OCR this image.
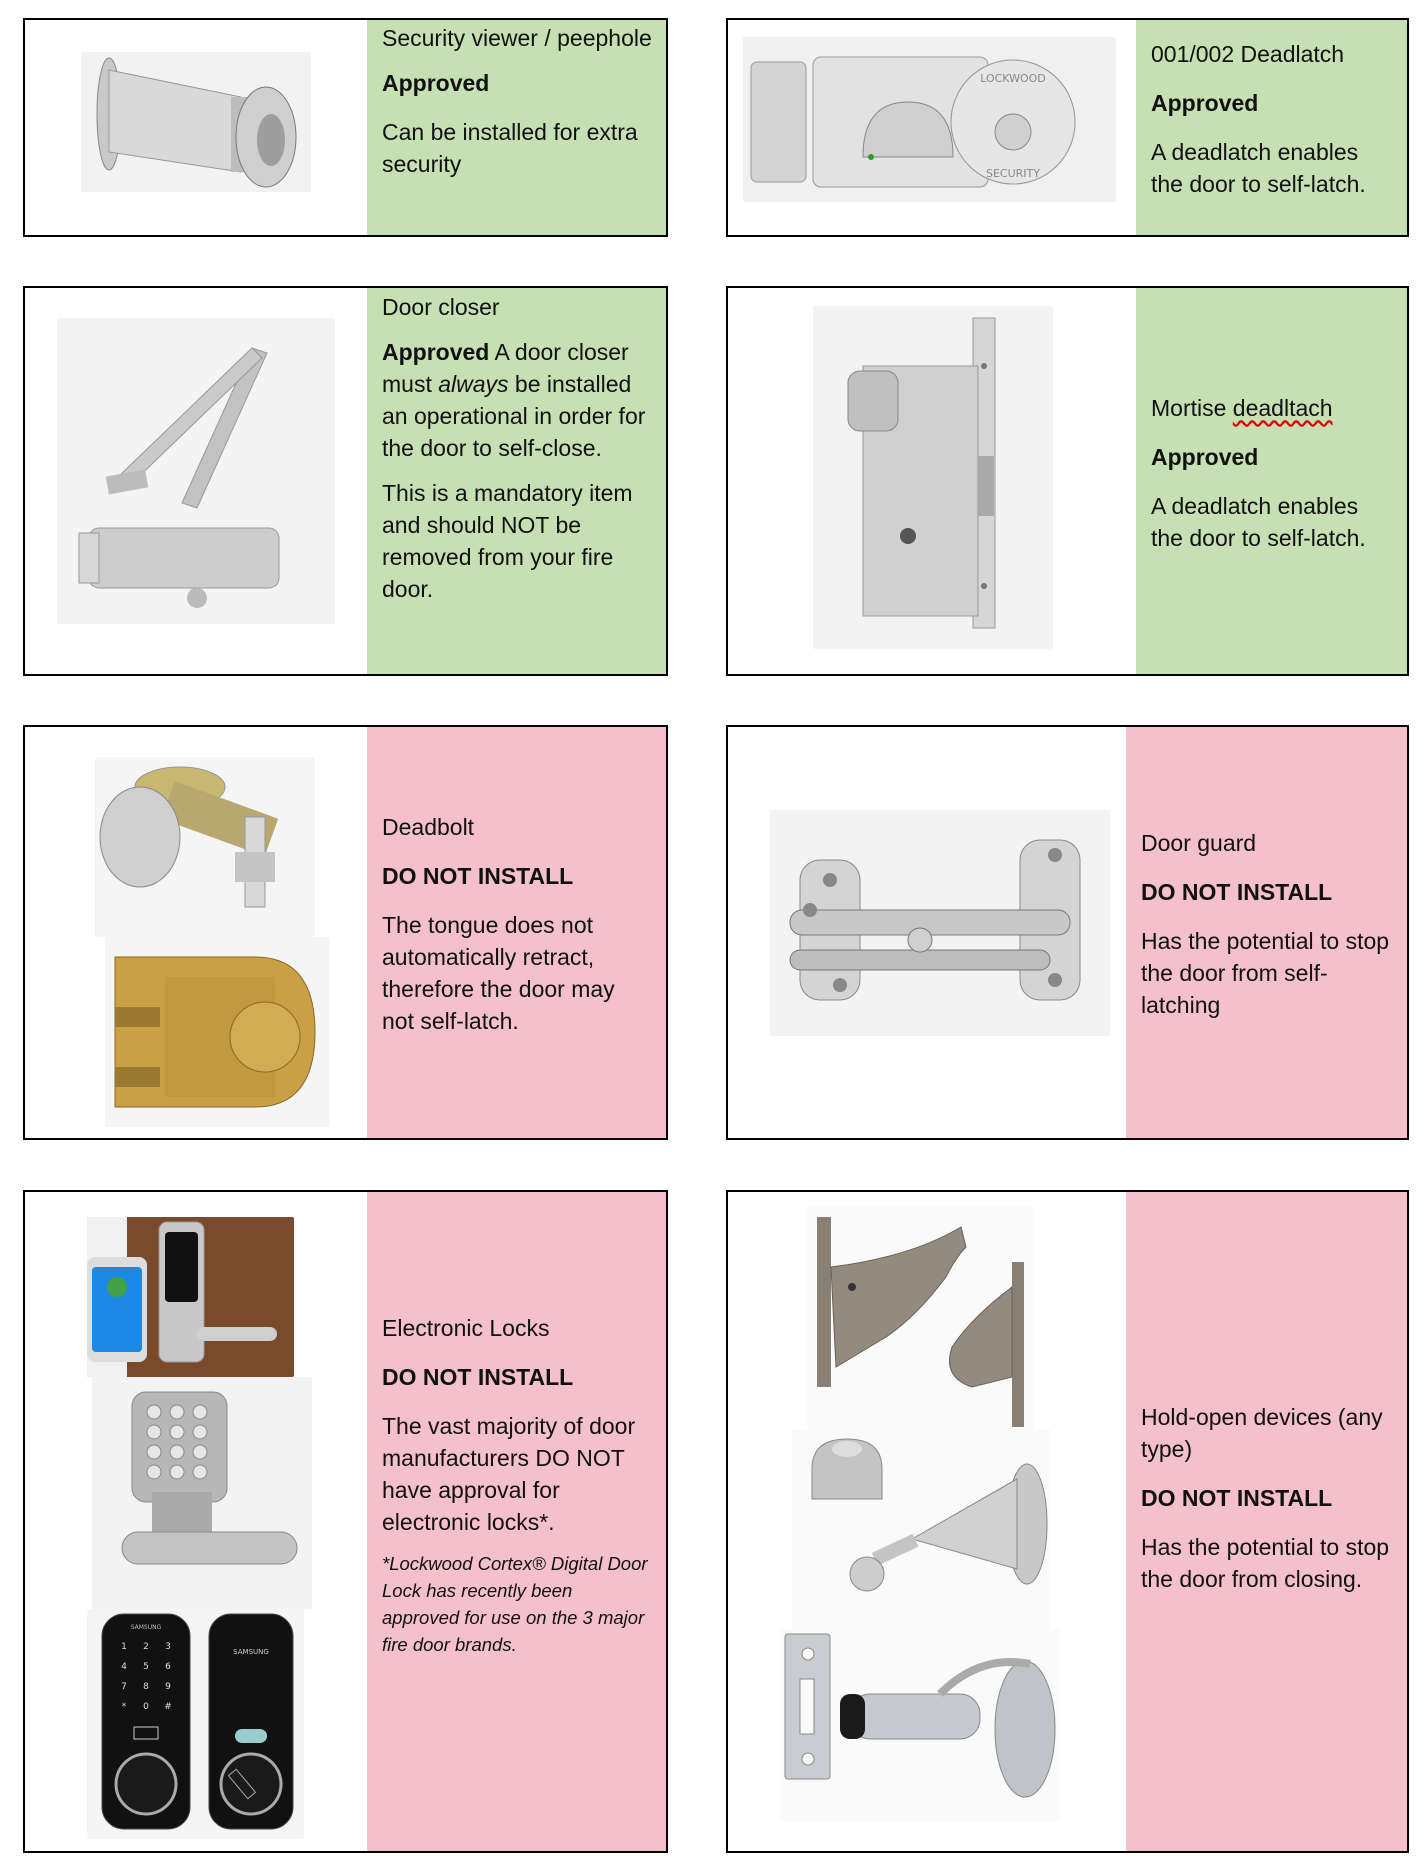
Security viewer / peephole

Approved

Can be installed for extra security

LOCKWOOD
SECURITY

001/002 Deadlatch

Approved

A deadlatch enables the door to self-latch.

Door closer

Approved A door closer must always be installed an operational in order for the door to self-close.

This is a mandatory item and should NOT be removed from your fire door.

Mortise deadltach

Approved

A deadlatch enables the door to self-latch.

Deadbolt

DO NOT INSTALL

The tongue does not automatically retract, therefore the door may not self-latch.

Door guard

DO NOT INSTALL

Has the potential to stop the door from self-latching

SAMSUNG
SAMSUNG
1 2 3
4 5 6
7 8 9
* 0 #

Electronic Locks

DO NOT INSTALL

The vast majority of door manufacturers DO NOT have approval for electronic locks*.

*Lockwood Cortex® Digital Door Lock has recently been approved for use on the 3 major fire door brands.

Hold-open devices (any type)

DO NOT INSTALL

Has the potential to stop the door from closing.
